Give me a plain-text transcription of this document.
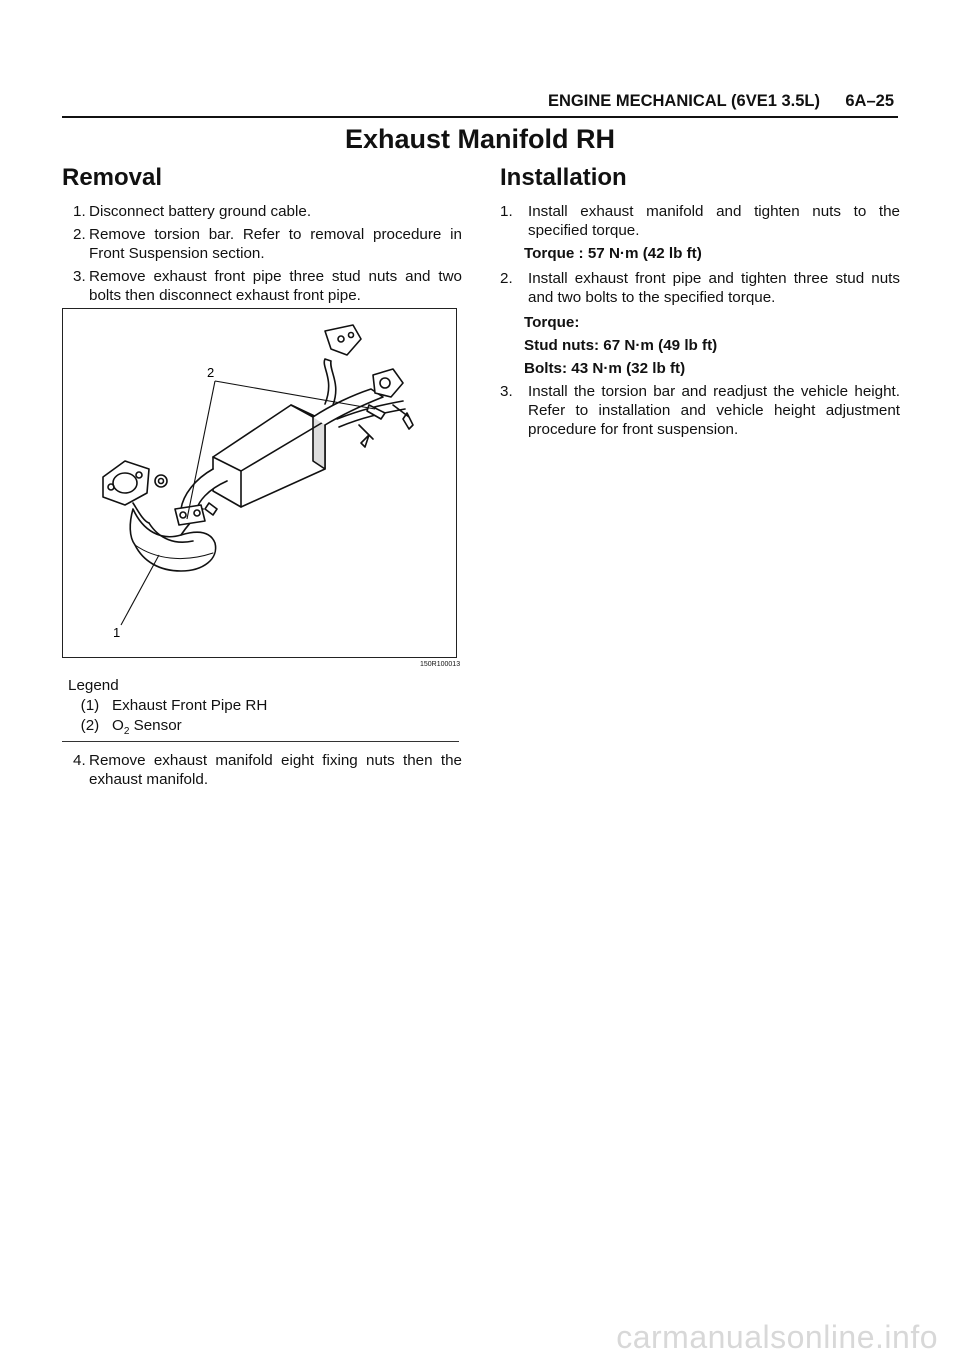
ENGINE MECHANICAL (6VE1 3.5L) 6A–25
Exhaust Manifold RH
Removal
1. Disconnect battery ground cable.
2. Remove torsion bar. Refer to removal procedure in Front Suspension section.
3. Remove exhaust front pipe three stud nuts and two bolts then disconnect exhaust front pipe.
1
2
150R100013
Legend
(1) Exhaust Front Pipe RH
(2) $O_2$ Sensor
4. Remove exhaust manifold eight fixing nuts then the exhaust manifold.
Installation
1. Install exhaust manifold and tighten nuts to the specified torque.
Torque : 57 N·m (42 lb ft)
2. Install exhaust front pipe and tighten three stud nuts and two bolts to the specified torque.
Torque:
Stud nuts: 67 N·m (49 lb ft)
Bolts: 43 N·m (32 lb ft)
3. Install the torsion bar and readjust the vehicle height. Refer to installation and vehicle height adjustment procedure for front suspension.
carmanualsonline.info
